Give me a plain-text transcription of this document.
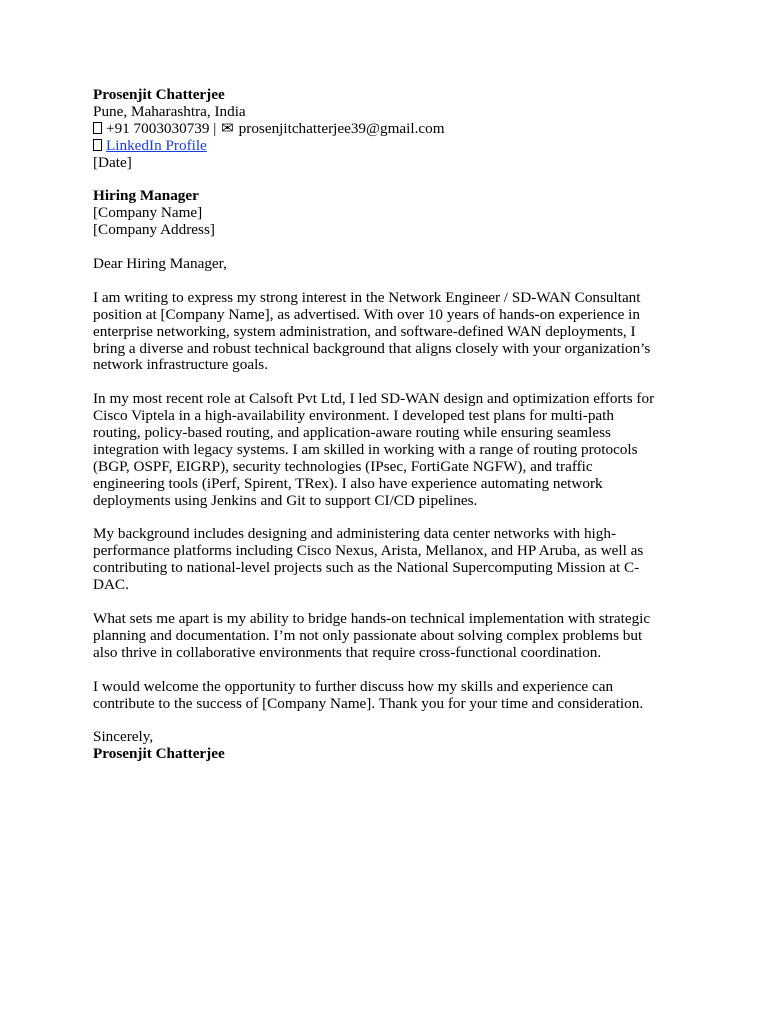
Prosenjit Chatterjee
Pune, Maharashtra, India
+91 7003030739 | ✉ prosenjitchatterjee39@gmail.com
LinkedIn Profile
[Date]
Hiring Manager
[Company Name]
[Company Address]
Dear Hiring Manager,
I am writing to express my strong interest in the Network Engineer / SD-WAN Consultant
position at [Company Name], as advertised. With over 10 years of hands-on experience in
enterprise networking, system administration, and software-defined WAN deployments, I
bring a diverse and robust technical background that aligns closely with your organization’s
network infrastructure goals.
In my most recent role at Calsoft Pvt Ltd, I led SD-WAN design and optimization efforts for
Cisco Viptela in a high-availability environment. I developed test plans for multi-path
routing, policy-based routing, and application-aware routing while ensuring seamless
integration with legacy systems. I am skilled in working with a range of routing protocols
(BGP, OSPF, EIGRP), security technologies (IPsec, FortiGate NGFW), and traffic
engineering tools (iPerf, Spirent, TRex). I also have experience automating network
deployments using Jenkins and Git to support CI/CD pipelines.
My background includes designing and administering data center networks with high-
performance platforms including Cisco Nexus, Arista, Mellanox, and HP Aruba, as well as
contributing to national-level projects such as the National Supercomputing Mission at C-
DAC.
What sets me apart is my ability to bridge hands-on technical implementation with strategic
planning and documentation. I’m not only passionate about solving complex problems but
also thrive in collaborative environments that require cross-functional coordination.
I would welcome the opportunity to further discuss how my skills and experience can
contribute to the success of [Company Name]. Thank you for your time and consideration.
Sincerely,
Prosenjit Chatterjee
